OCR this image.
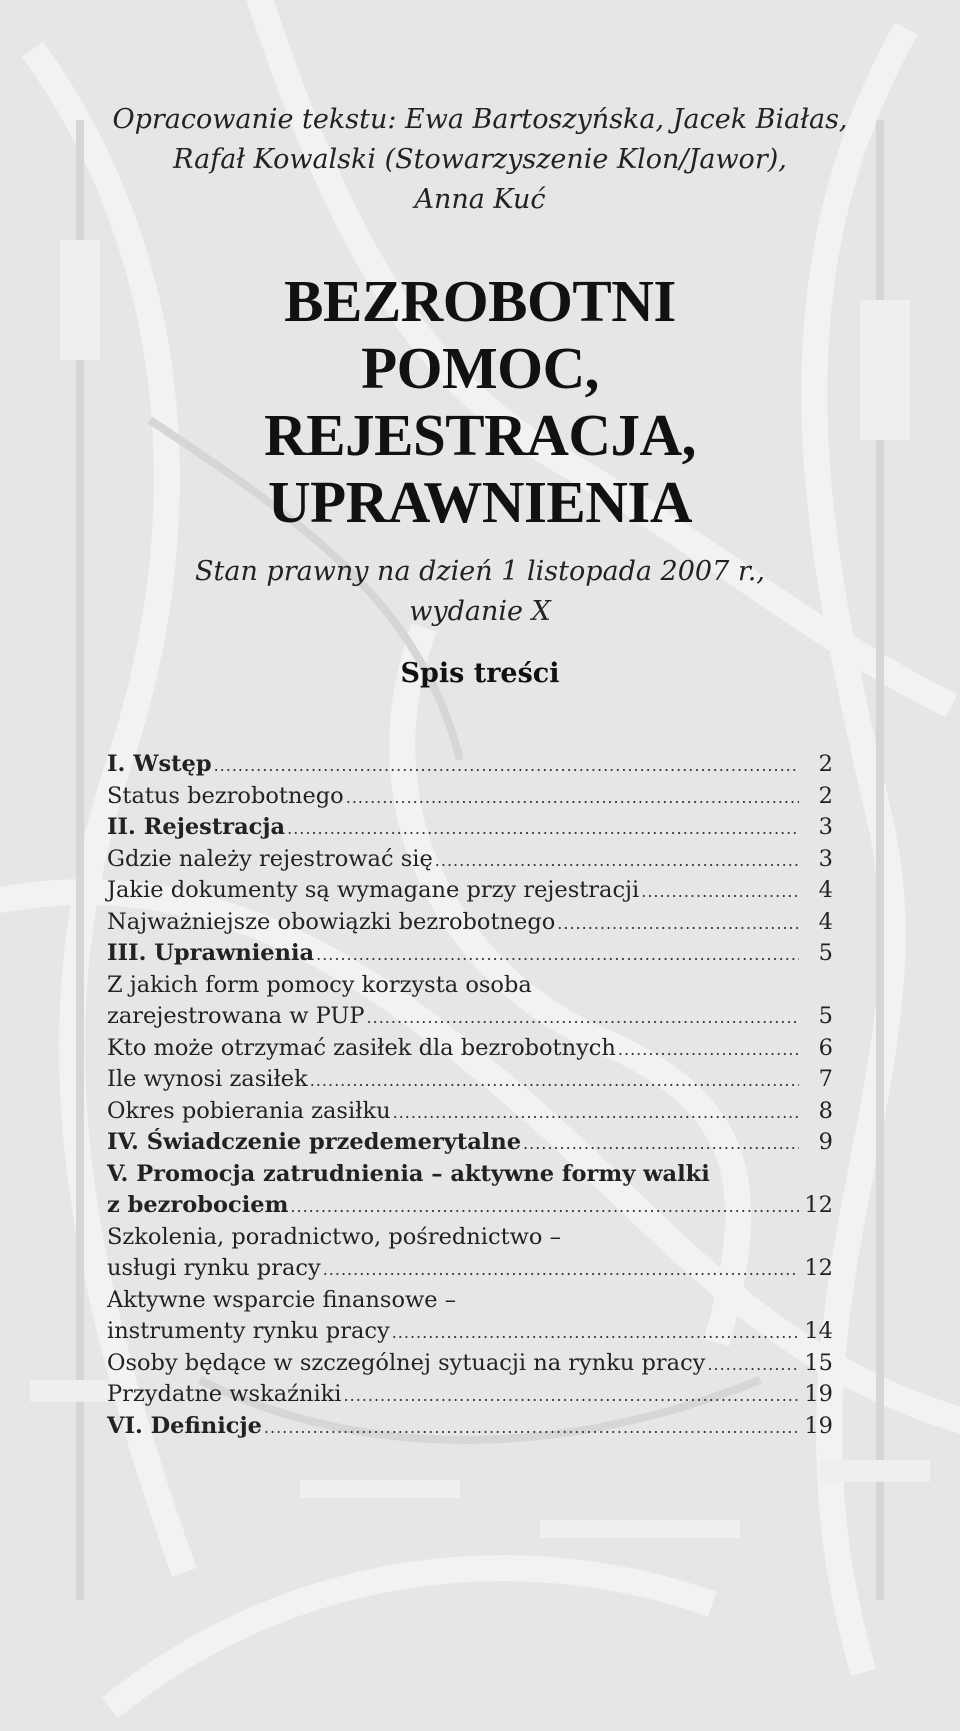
Opracowanie tekstu: Ewa Bartoszyńska, Jacek Białas,
Rafał Kowalski (Stowarzyszenie Klon/Jawor),
Anna Kuć
BEZROBOTNI
POMOC,
REJESTRACJA,
UPRAWNIENIA
Stan prawny na dzień 1 listopada 2007 r.,
wydanie X
Spis treści
I. Wstęp .....	2
Status bezrobotnego .....	2
II. Rejestracja .....	3
Gdzie należy rejestrować się .....	3
Jakie dokumenty są wymagane przy rejestracji .....	4
Najważniejsze obowiązki bezrobotnego .....	4
III. Uprawnienia .....	5
Z jakich form pomocy korzysta osoba
zarejestrowana w PUP .....	5
Kto może otrzymać zasiłek dla bezrobotnych .....	6
Ile wynosi zasiłek .....	7
Okres pobierania zasiłku .....	8
IV. Świadczenie przedemerytalne .....	9
V. Promocja zatrudnienia – aktywne formy walki
z bezrobociem .....	12
Szkolenia, poradnictwo, pośrednictwo –
usługi rynku pracy .....	12
Aktywne wsparcie finansowe –
instrumenty rynku pracy .....	14
Osoby będące w szczególnej sytuacji na rynku pracy .....	15
Przydatne wskaźniki .....	19
VI. Definicje .....	19
